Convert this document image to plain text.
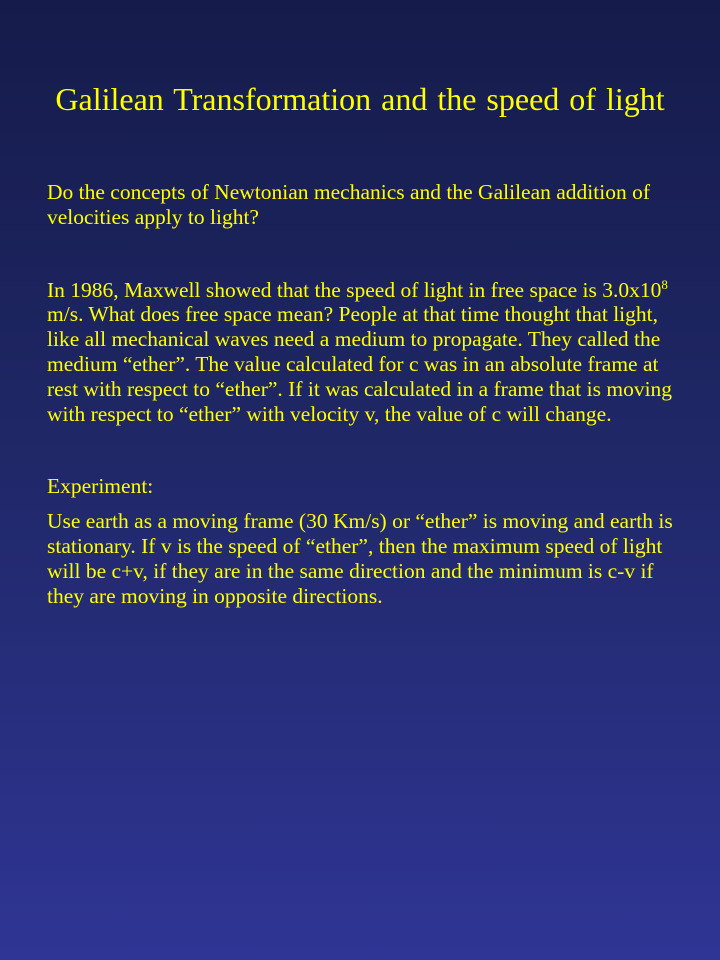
Galilean Transformation and the speed of light

Do the concepts of Newtonian mechanics and the Galilean addition of velocities apply to light?

In 1986, Maxwell showed that the speed of light in free space is $3.0x10^8$ m/s. What does free space mean? People at that time thought that light, like all mechanical waves need a medium to propagate. They called the medium “ether”. The value calculated for c was in an absolute frame at rest with respect to “ether”. If it was calculated in a frame that is moving with respect to “ether” with velocity v, the value of c will change.

Experiment:

Use earth as a moving frame (30 Km/s) or “ether” is moving and earth is stationary. If v is the speed of “ether”, then the maximum speed of light will be c+v, if they are in the same direction and the minimum is c-v if they are moving in opposite directions.
